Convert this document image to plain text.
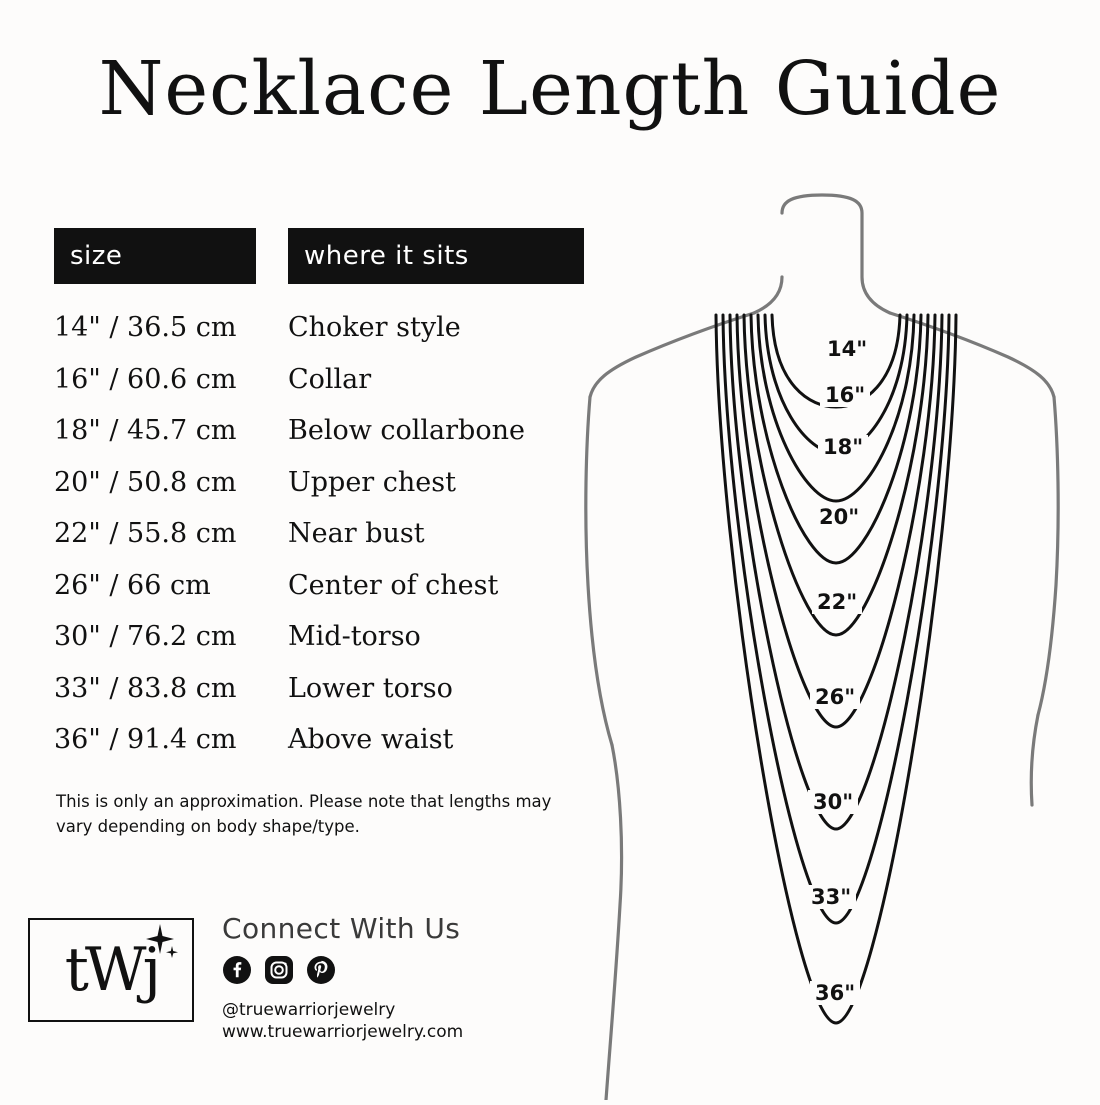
Necklace Length Guide
size	where it sits
14" / 36.5 cm	Choker style
16" / 60.6 cm	Collar
18" / 45.7 cm	Below collarbone
20" / 50.8 cm	Upper chest
22" / 55.8 cm	Near bust
26" / 66 cm	Center of chest
30" / 76.2 cm	Mid-torso
33" / 83.8 cm	Lower torso
36" / 91.4 cm	Above waist
This is only an approximation. Please note that lengths may vary depending on body shape/type.
tWj
Connect With Us
@truewarriorjewelry
www.truewarriorjewelry.com
14"
16"
18"
20"
22"
26"
30"
33"
36"
